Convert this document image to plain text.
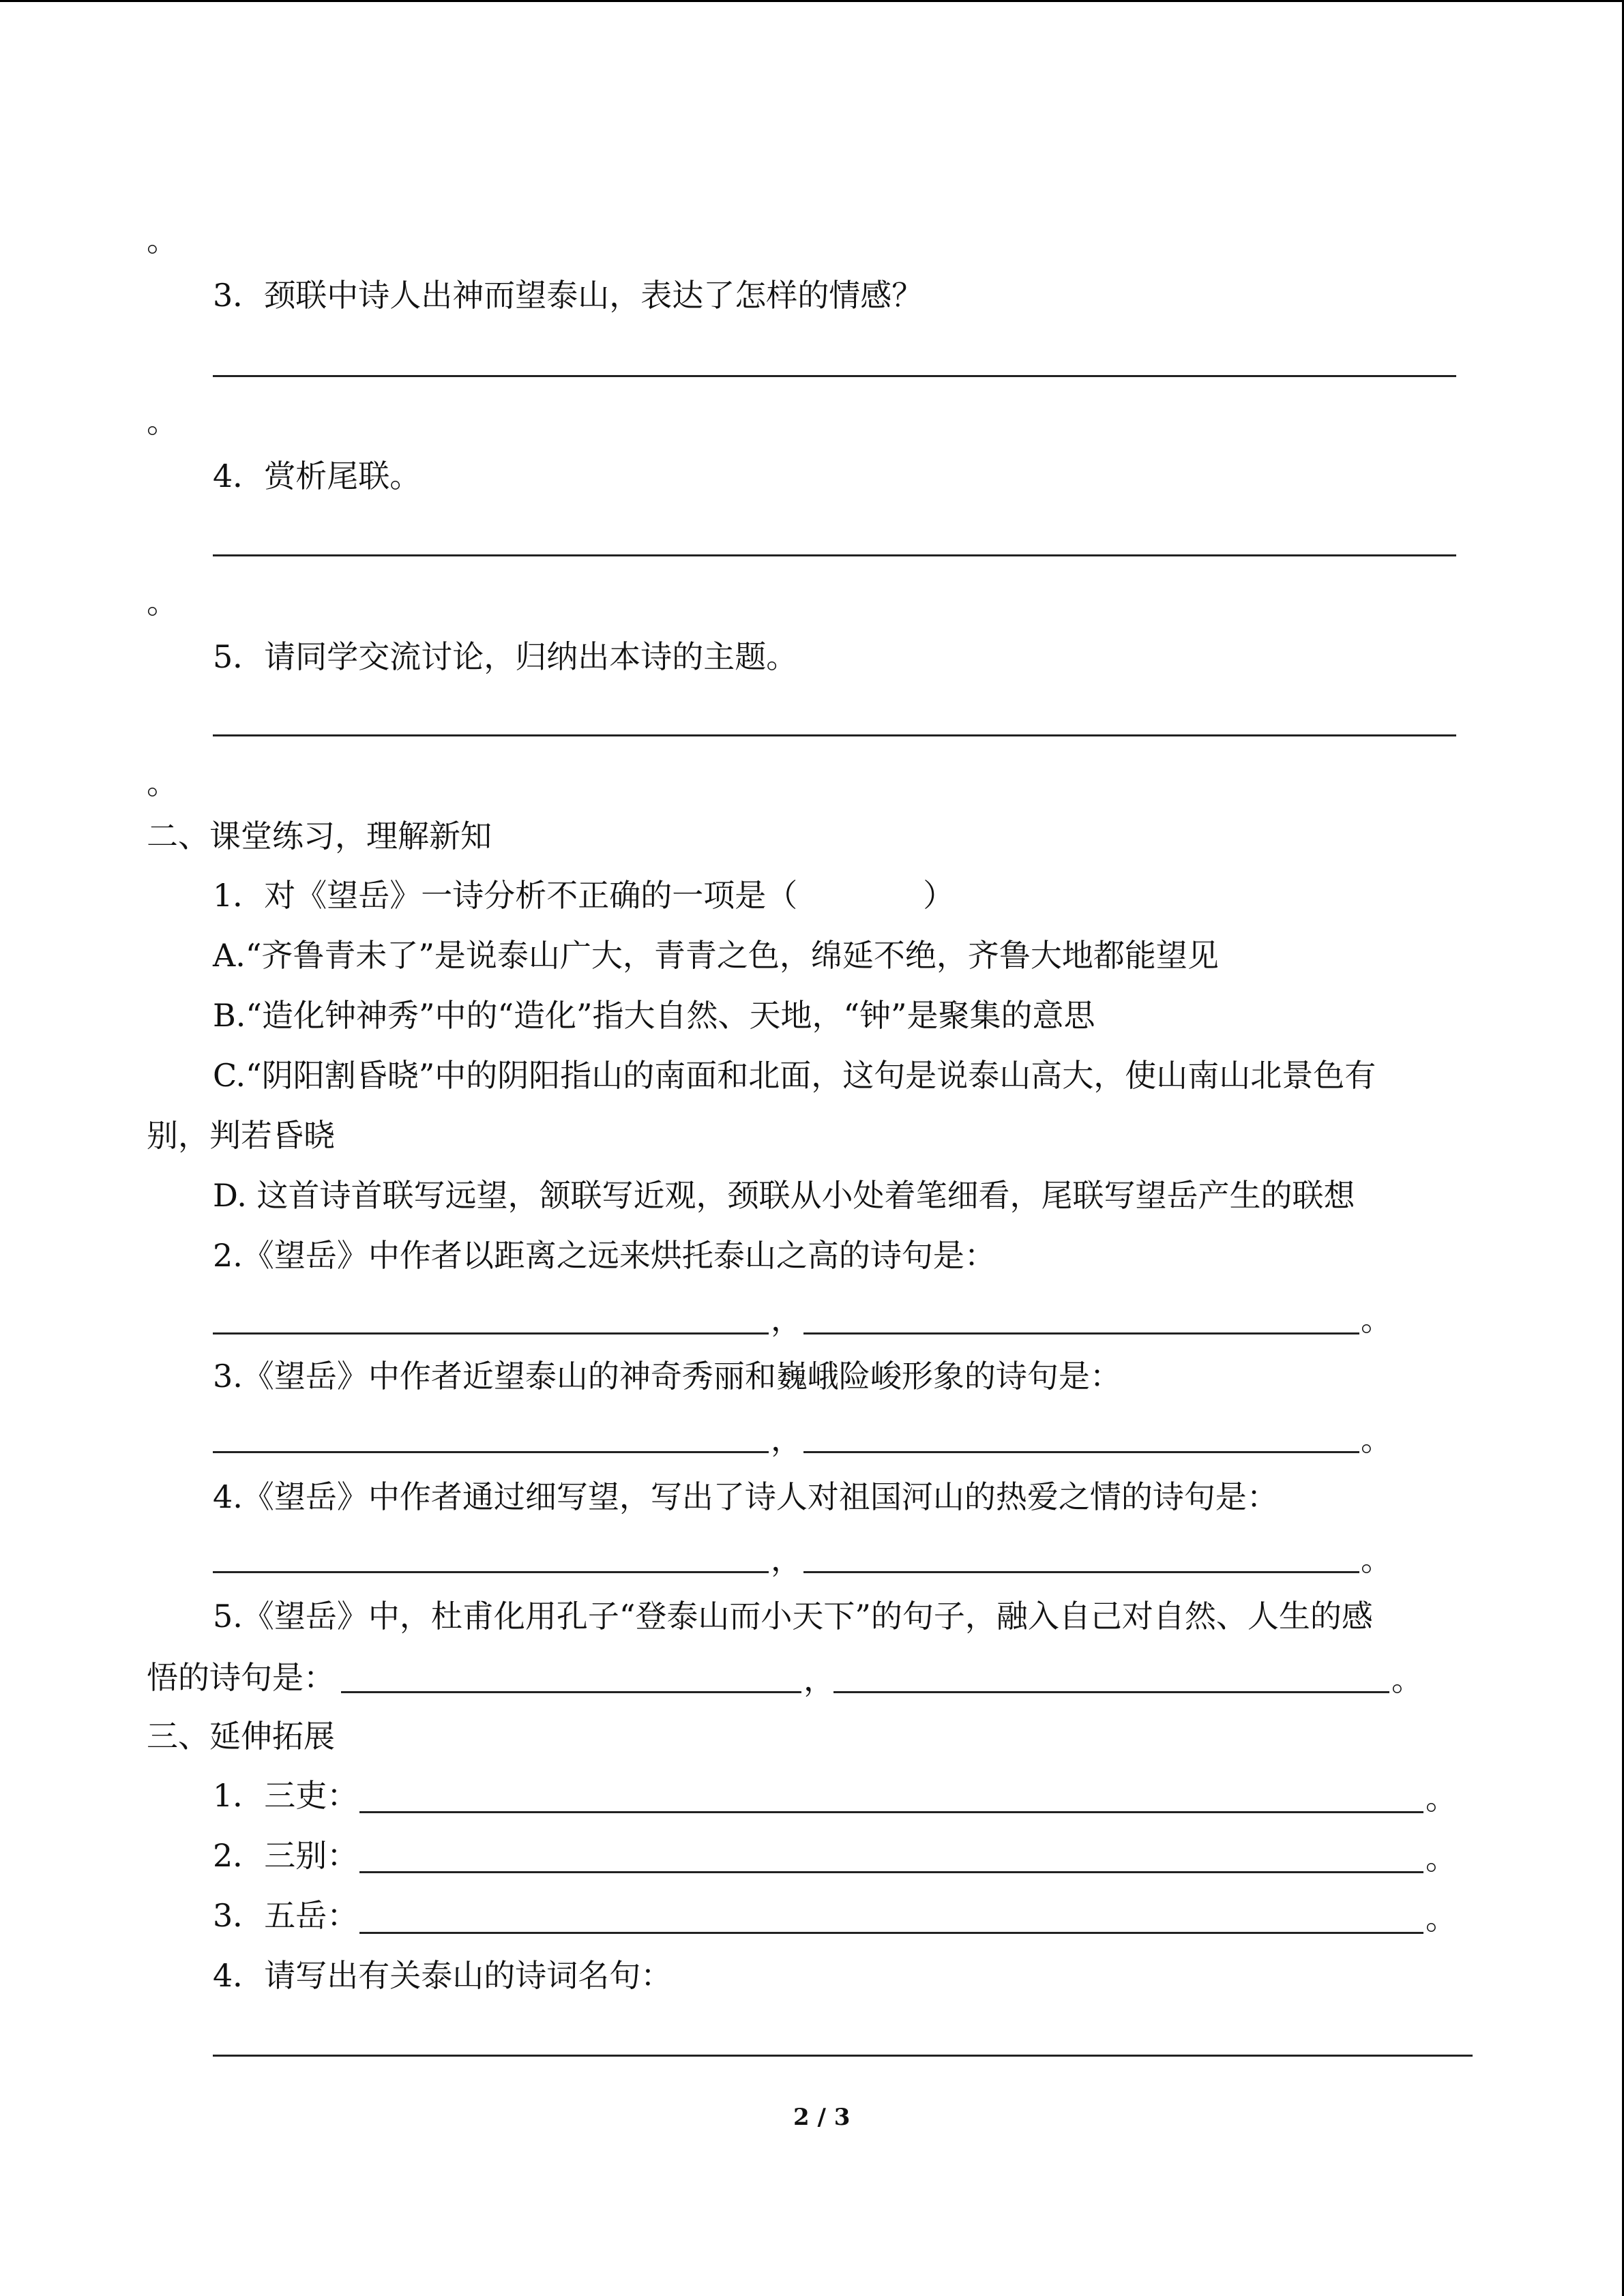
。
3．颈联中诗人出神而望泰山，表达了怎样的情感？
。
4．赏析尾联。
。
5．请同学交流讨论，归纳出本诗的主题。
。
二、课堂练习，理解新知
1．对《望岳》一诗分析不正确的一项是（　　　　）
A.“齐鲁青未了”是说泰山广大，青青之色，绵延不绝，齐鲁大地都能望见
B.“造化钟神秀”中的“造化”指大自然、天地，“钟”是聚集的意思
C.“阴阳割昏晓”中的阴阳指山的南面和北面，这句是说泰山高大，使山南山北景色有
别，判若昏晓
D. 这首诗首联写远望，颔联写近观，颈联从小处着笔细看，尾联写望岳产生的联想
2.《望岳》中作者以距离之远来烘托泰山之高的诗句是：
，	。
3.《望岳》中作者近望泰山的神奇秀丽和巍峨险峻形象的诗句是：
，	。
4.《望岳》中作者通过细写望，写出了诗人对祖国河山的热爱之情的诗句是：
，	。
5.《望岳》中，杜甫化用孔子“登泰山而小天下”的句子，融入自己对自然、人生的感
悟的诗句是：	，	。
三、延伸拓展
1．三吏：	。
2．三别：	。
3．五岳：	。
4．请写出有关泰山的诗词名句：
2 / 3
